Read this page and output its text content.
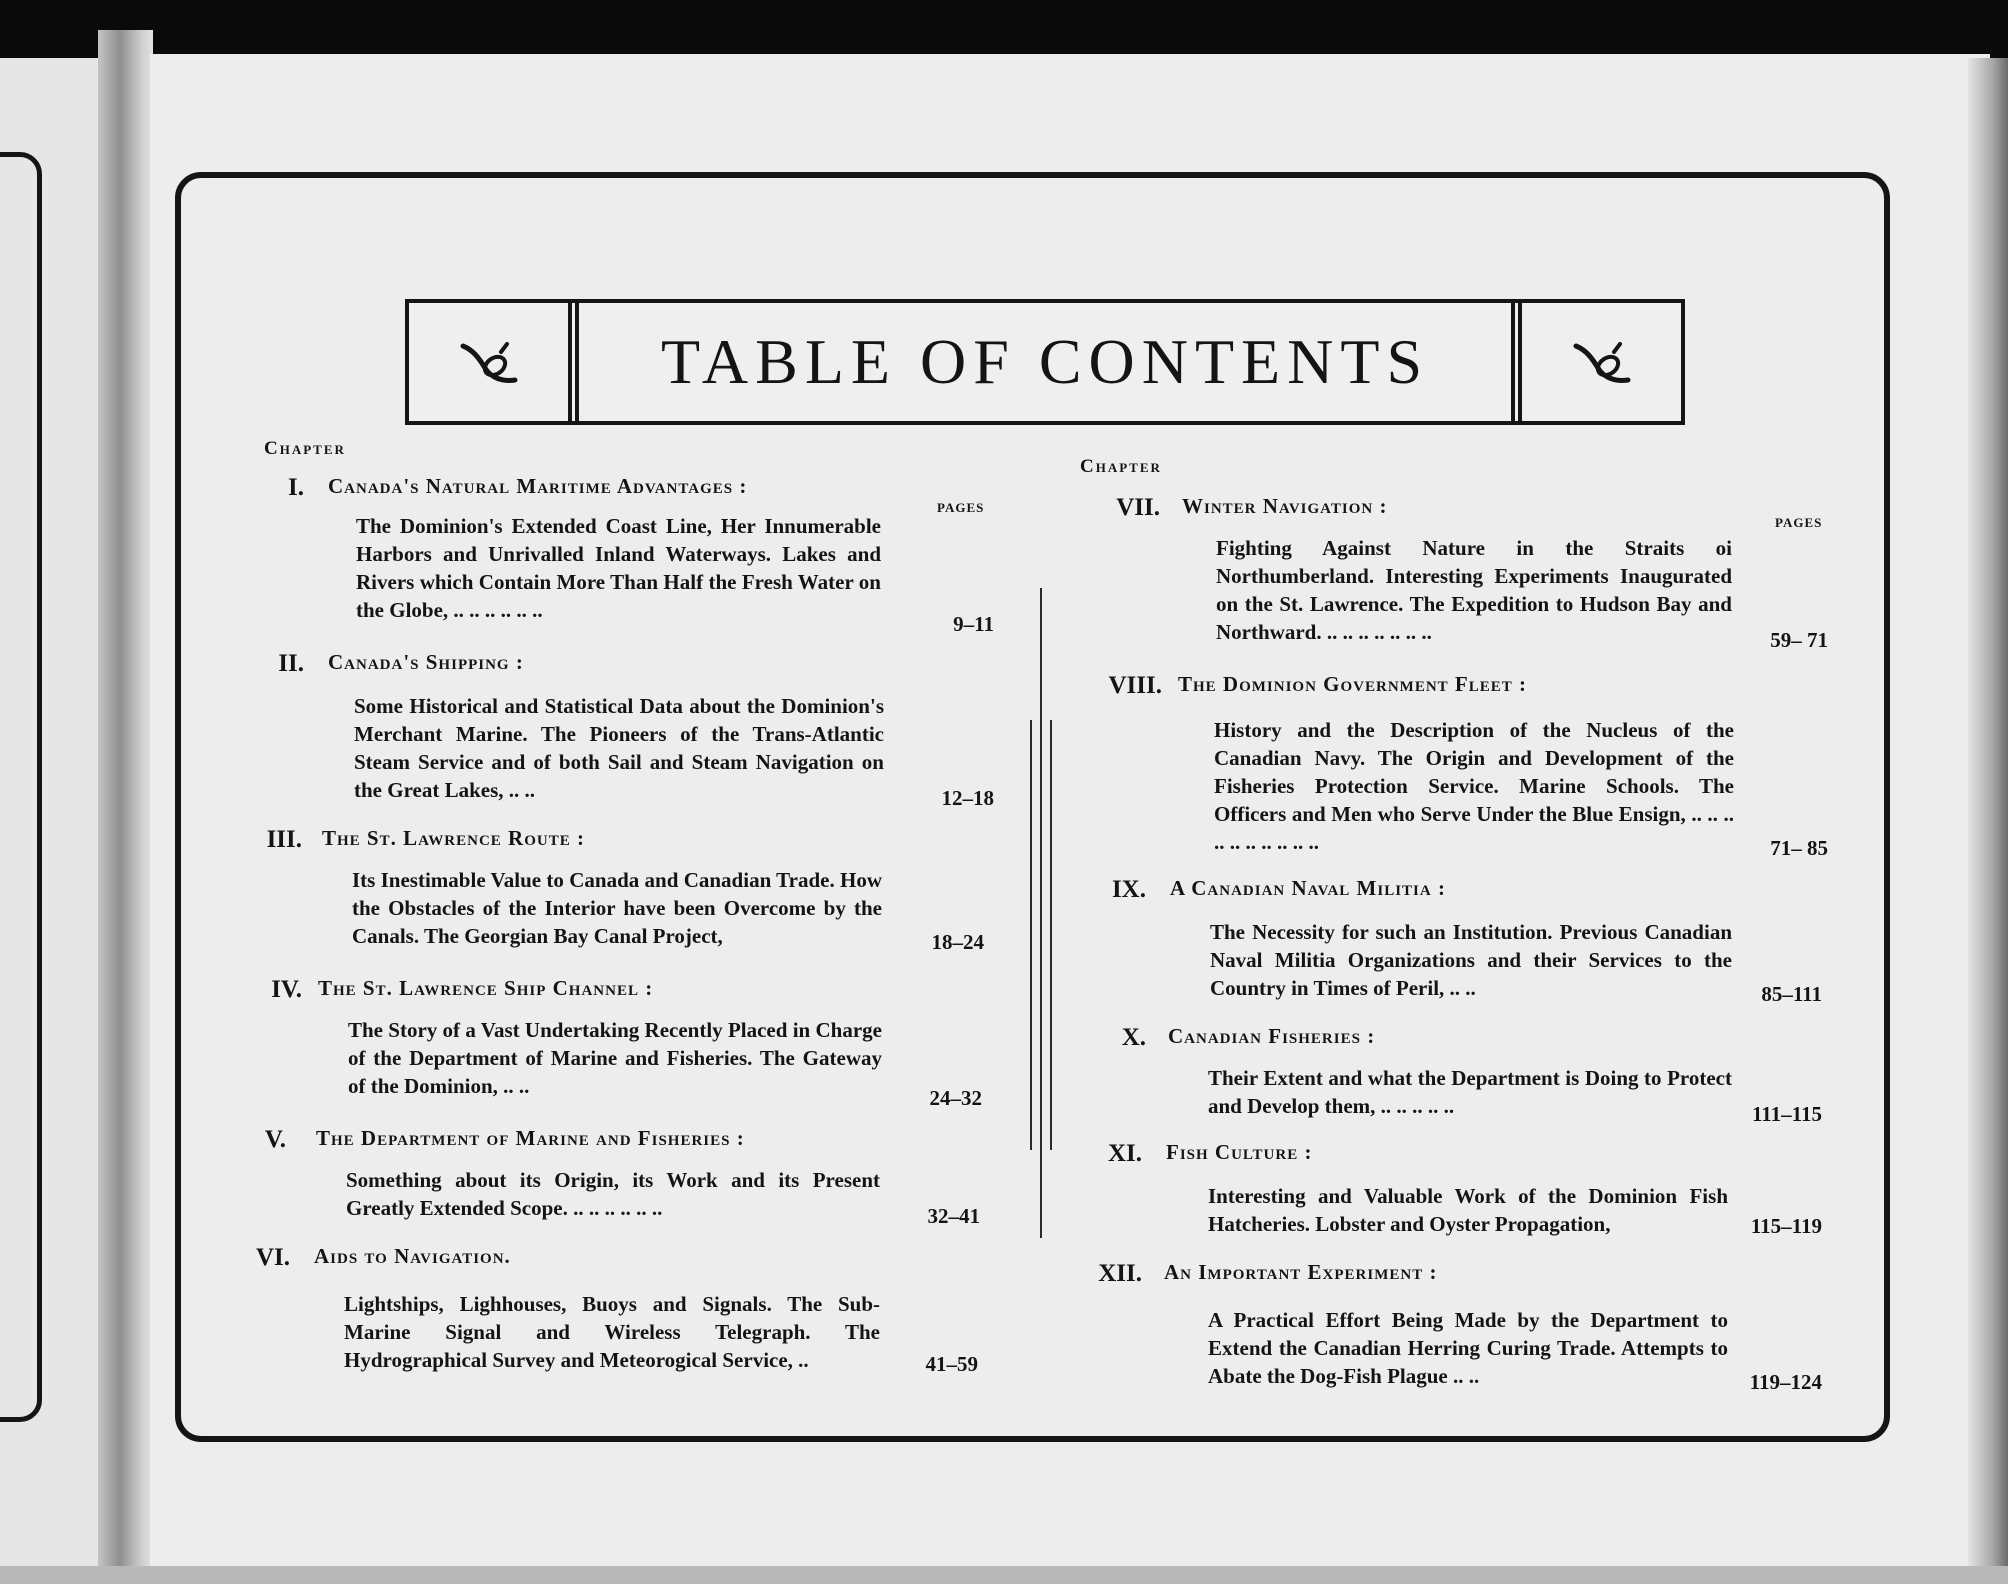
TABLE OF CONTENTS
Chapter
PAGES
Chapter
PAGES
I. Canada's Natural Maritime Advantages :
The Dominion's Extended Coast Line, Her Innumerable Harbors and Unrivalled Inland Waterways. Lakes and Rivers which Contain More Than Half the Fresh Water on the Globe, .. .. .. .. .. ..
9–11
II. Canada's Shipping :
Some Historical and Statistical Data about the Dominion's Merchant Marine. The Pioneers of the Trans-Atlantic Steam Service and of both Sail and Steam Navigation on the Great Lakes, .. ..	12–18
III. The St. Lawrence Route :
Its Inestimable Value to Canada and Canadian Trade. How the Obstacles of the Interior have been Overcome by the Canals. The Georgian Bay Canal Project,	18–24
IV. The St. Lawrence Ship Channel :
The Story of a Vast Undertaking Recently Placed in Charge of the Department of Marine and Fisheries. The Gateway of the Dominion, .. ..	24–32
V. The Department of Marine and Fisheries :
Something about its Origin, its Work and its Present Greatly Extended Scope. .. .. .. .. .. ..	32–41
VI. Aids to Navigation.
Lightships, Lighhouses, Buoys and Signals. The Sub-Marine Signal and Wireless Telegraph. The Hydrographical Survey and Meteorogical Service, ..	41–59
VII. Winter Navigation :
Fighting Against Nature in the Straits oi Northumberland. Interesting Experiments Inaugurated on the St. Lawrence. The Expedition to Hudson Bay and Northward. .. .. .. .. .. .. ..	59– 71
VIII. The Dominion Government Fleet :
History and the Description of the Nucleus of the Canadian Navy. The Origin and Development of the Fisheries Protection Service. Marine Schools. The Officers and Men who Serve Under the Blue Ensign, .. .. .. .. .. .. .. .. .. ..	71– 85
IX. A Canadian Naval Militia :
The Necessity for such an Institution. Previous Canadian Naval Militia Organizations and their Services to the Country in Times of Peril, .. ..	85–111
X. Canadian Fisheries :
Their Extent and what the Department is Doing to Protect and Develop them, .. .. .. .. ..	111–115
XI. Fish Culture :
Interesting and Valuable Work of the Dominion Fish Hatcheries. Lobster and Oyster Propagation,	115–119
XII. An Important Experiment :
A Practical Effort Being Made by the Department to Extend the Canadian Herring Curing Trade. Attempts to Abate the Dog-Fish Plague .. ..	119–124
